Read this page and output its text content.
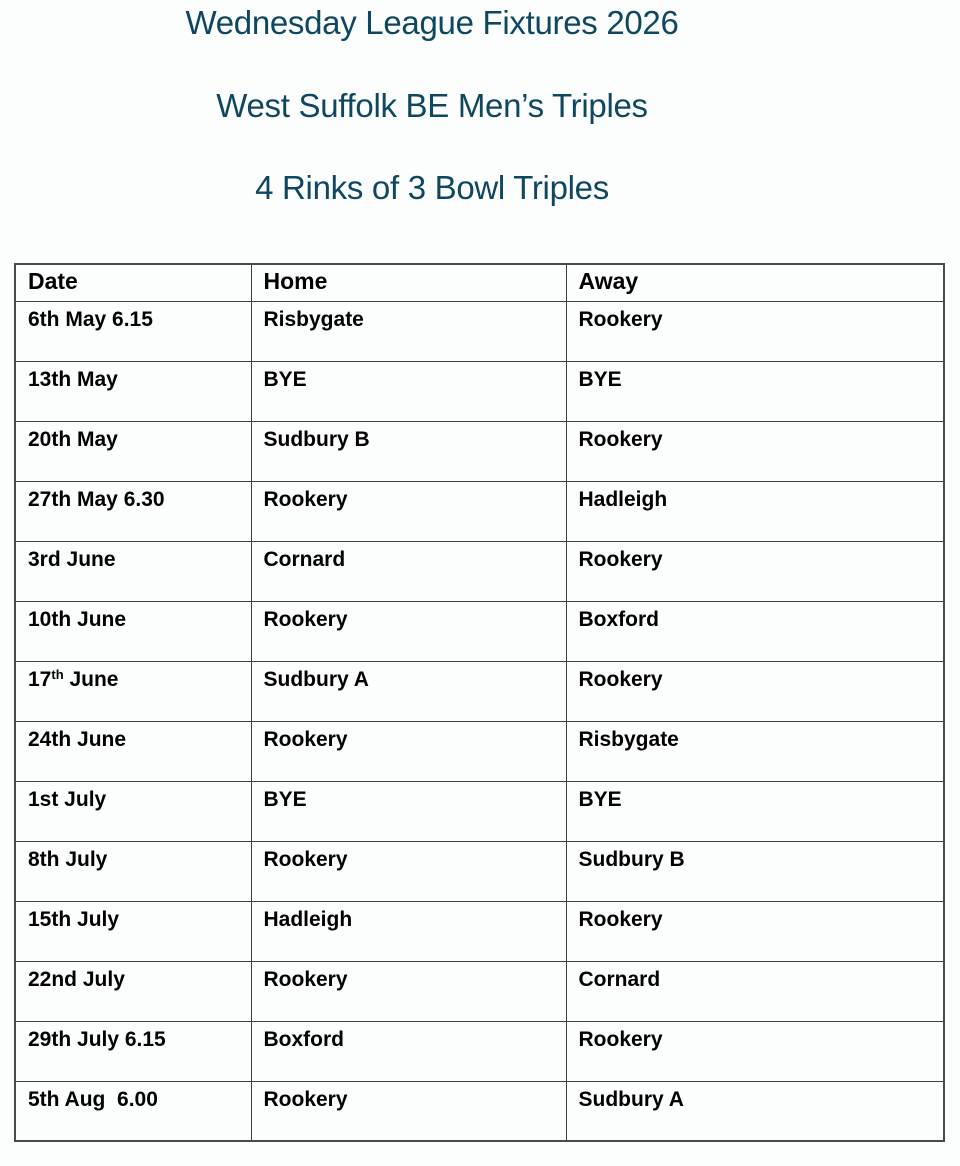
Wednesday League Fixtures 2026
West Suffolk BE Men’s Triples
4 Rinks of 3 Bowl Triples
Date	Home	Away
6th May 6.15	Risbygate	Rookery
13th May	BYE	BYE
20th May	Sudbury B	Rookery
27th May 6.30	Rookery	Hadleigh
3rd June	Cornard	Rookery
10th June	Rookery	Boxford
17th June	Sudbury A	Rookery
24th June	Rookery	Risbygate
1st July	BYE	BYE
8th July	Rookery	Sudbury B
15th July	Hadleigh	Rookery
22nd July	Rookery	Cornard
29th July 6.15	Boxford	Rookery
5th Aug  6.00	Rookery	Sudbury A
